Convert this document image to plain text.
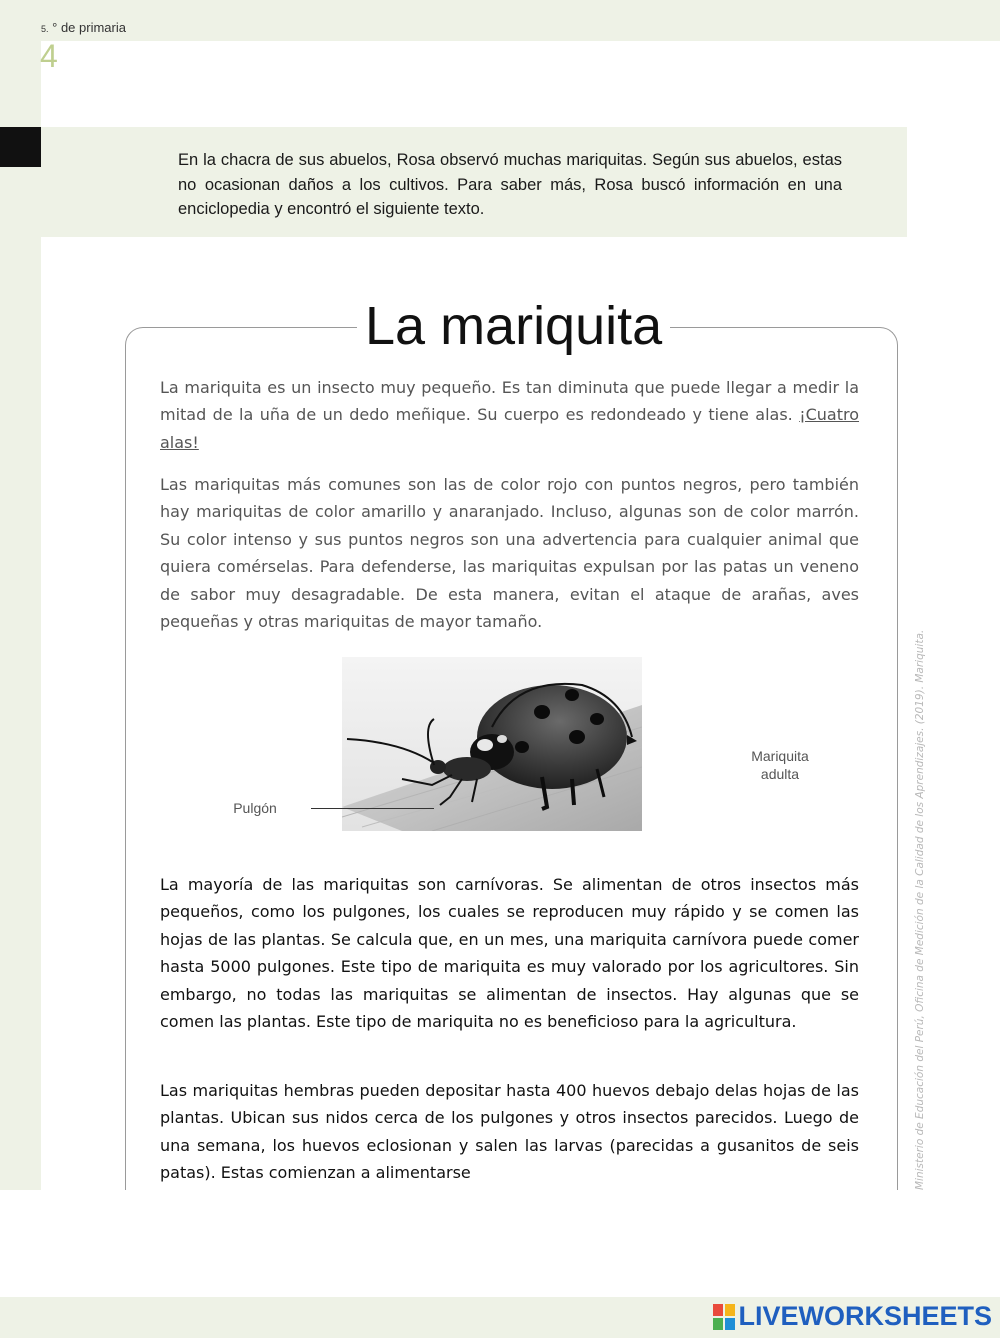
5. ° de primaria
4

En la chacra de sus abuelos, Rosa observó muchas mariquitas. Según sus abuelos, estas no ocasionan daños a los cultivos. Para saber más, Rosa buscó información en una enciclopedia y encontró el siguiente texto.

La mariquita

La mariquita es un insecto muy pequeño. Es tan diminuta que puede llegar a medir la mitad de la uña de un dedo meñique. Su cuerpo es redondeado y tiene alas. ¡Cuatro alas!

Las mariquitas más comunes son las de color rojo con puntos negros, pero también hay mariquitas de color amarillo y anaranjado. Incluso, algunas son de color marrón. Su color intenso y sus puntos negros son una advertencia para cualquier animal que quiera comérselas. Para defenderse, las mariquitas expulsan por las patas un veneno de sabor muy desagradable. De esta manera, evitan el ataque de arañas, aves pequeñas y otras mariquitas de mayor tamaño.

Mariquita
adulta
Pulgón

La mayoría de las mariquitas son carnívoras. Se alimentan de otros insectos más pequeños, como los pulgones, los cuales se reproducen muy rápido y se comen las hojas de las plantas. Se calcula que, en un mes, una mariquita carnívora puede comer hasta 5000 pulgones. Este tipo de mariquita es muy valorado por los agricultores. Sin embargo, no todas las mariquitas se alimentan de insectos. Hay algunas que se comen las plantas. Este tipo de mariquita no es beneficioso para la agricultura.

Las mariquitas hembras pueden depositar hasta 400 huevos debajo delas hojas de las plantas. Ubican sus nidos cerca de los pulgones y otros insectos parecidos. Luego de una semana, los huevos eclosionan y salen las larvas (parecidas a gusanitos de seis patas). Estas comienzan a alimentarse	Ministerio de Educación del Perú, Oficina de Medición de la Calidad de los Aprendizajes. (2019). Mariquita.
LIVEWORKSHEETS
